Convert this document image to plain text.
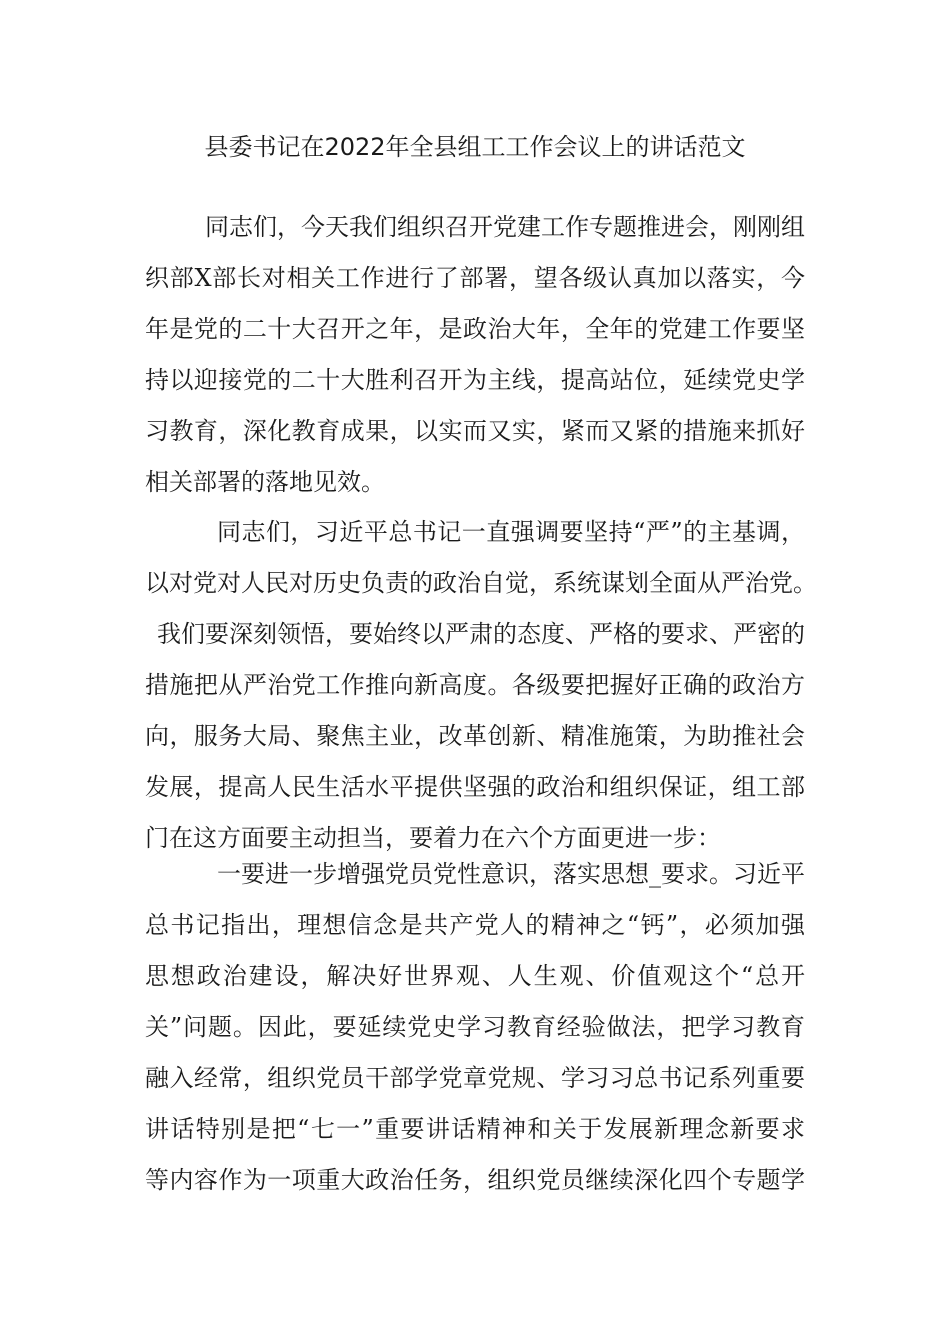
县委书记在2022年全县组工工作会议上的讲话范文
同志们，今天我们组织召开党建工作专题推进会，刚刚组
织部X部长对相关工作进行了部署，望各级认真加以落实，今
年是党的二十大召开之年，是政治大年，全年的党建工作要坚
持以迎接党的二十大胜利召开为主线，提高站位，延续党史学
习教育，深化教育成果，以实而又实，紧而又紧的措施来抓好
相关部署的落地见效。
同志们，习近平总书记一直强调要坚持“严”的主基调，
以对党对人民对历史负责的政治自觉，系统谋划全面从严治党。
我们要深刻领悟，要始终以严肃的态度、严格的要求、严密的
措施把从严治党工作推向新高度。各级要把握好正确的政治方
向，服务大局、聚焦主业，改革创新、精准施策，为助推社会
发展，提高人民生活水平提供坚强的政治和组织保证，组工部
门在这方面要主动担当，要着力在六个方面更进一步：
一要进一步增强党员党性意识，落实思想_要求。习近平
总书记指出，理想信念是共产党人的精神之“钙”，必须加强
思想政治建设，解决好世界观、人生观、价值观这个“总开
关”问题。因此，要延续党史学习教育经验做法，把学习教育
融入经常，组织党员干部学党章党规、学习习总书记系列重要
讲话特别是把“七一”重要讲话精神和关于发展新理念新要求
等内容作为一项重大政治任务，组织党员继续深化四个专题学
